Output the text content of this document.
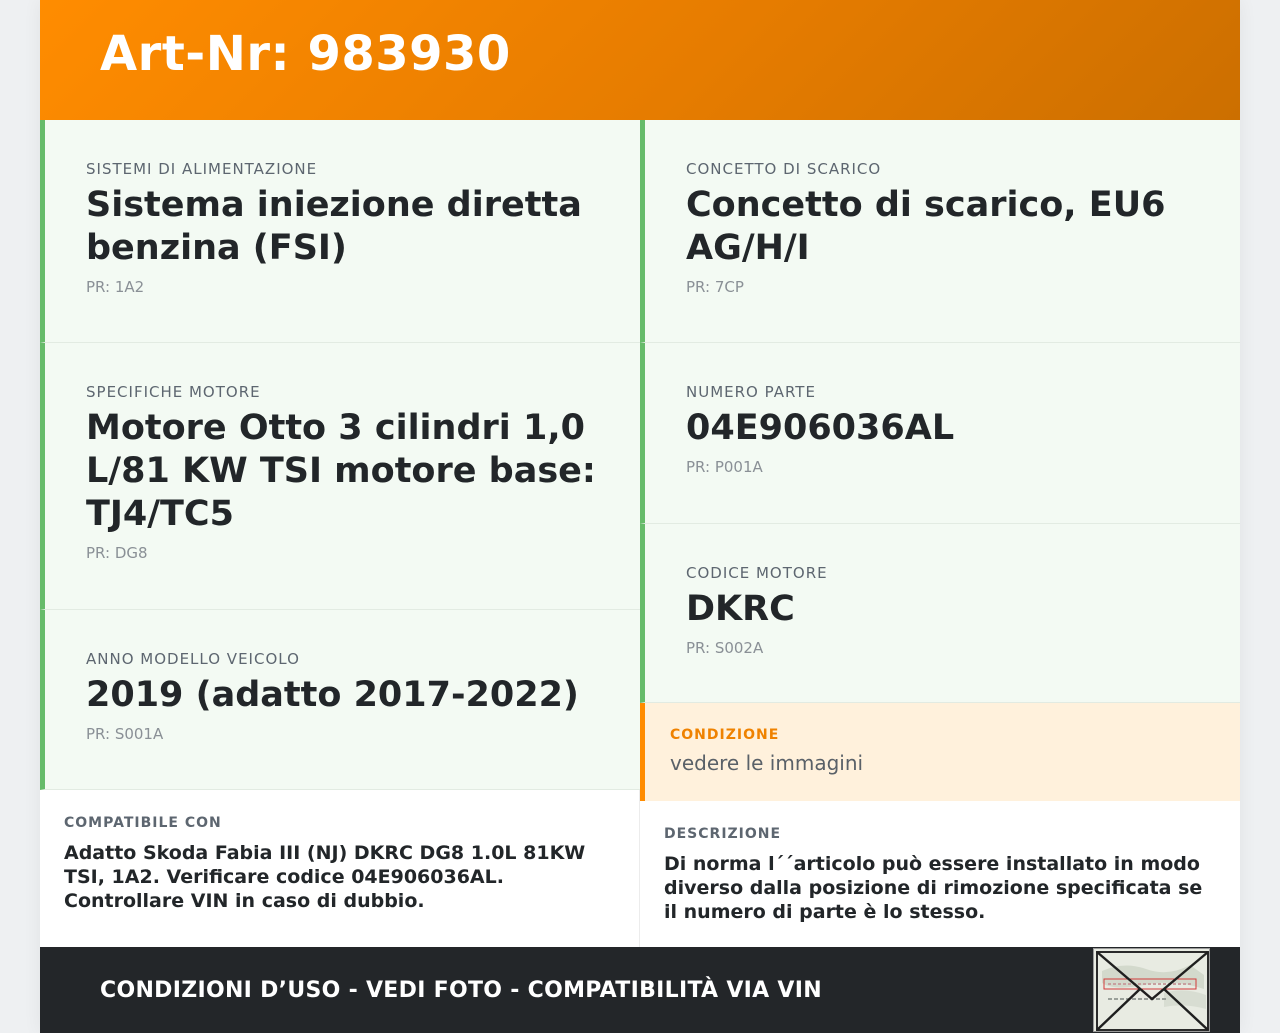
Art-Nr: 983930
SISTEMI DI ALIMENTAZIONE
Sistema iniezione diretta benzina (FSI)
PR: 1A2
SPECIFICHE MOTORE
Motore Otto 3 cilindri 1,0 L/81 KW TSI motore base: TJ4/TC5
PR: DG8
ANNO MODELLO VEICOLO
2019 (adatto 2017-2022)
PR: S001A
CONCETTO DI SCARICO
Concetto di scarico, EU6 AG/H/I
PR: 7CP
NUMERO PARTE
04E906036AL
PR: P001A
CODICE MOTORE
DKRC
PR: S002A
CONDIZIONE
vedere le immagini
COMPATIBILE CON
Adatto Skoda Fabia III (NJ) DKRC DG8 1.0L 81KW TSI, 1A2. Verificare codice 04E906036AL. Controllare VIN in caso di dubbio.
DESCRIZIONE
Di norma l´´articolo può essere installato in modo diverso dalla posizione di rimozione specificata se il numero di parte è lo stesso.
CONDIZIONI D’USO - VEDI FOTO - COMPATIBILITÀ VIA VIN
